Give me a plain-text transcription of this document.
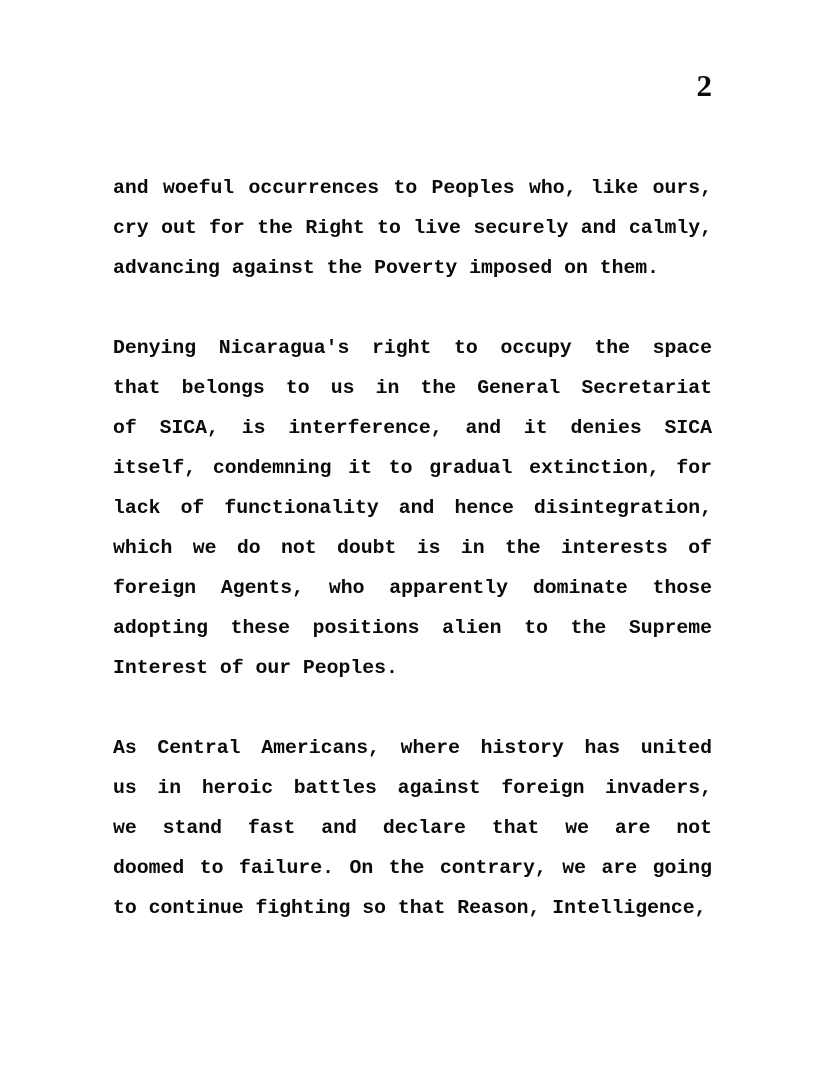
2
and woeful occurrences to Peoples who, like ours,
cry out for the Right to live securely and calmly,
advancing against the Poverty imposed on them.
Denying Nicaragua's right to occupy the space
that belongs to us in the General Secretariat
of SICA, is interference, and it denies SICA
itself, condemning it to gradual extinction, for
lack of functionality and hence disintegration,
which we do not doubt is in the interests of
foreign Agents, who apparently dominate those
adopting these positions alien to the Supreme
Interest of our Peoples.
As Central Americans, where history has united
us in heroic battles against foreign invaders,
we stand fast and declare that we are not
doomed to failure. On the contrary, we are going
to continue fighting so that Reason, Intelligence,
